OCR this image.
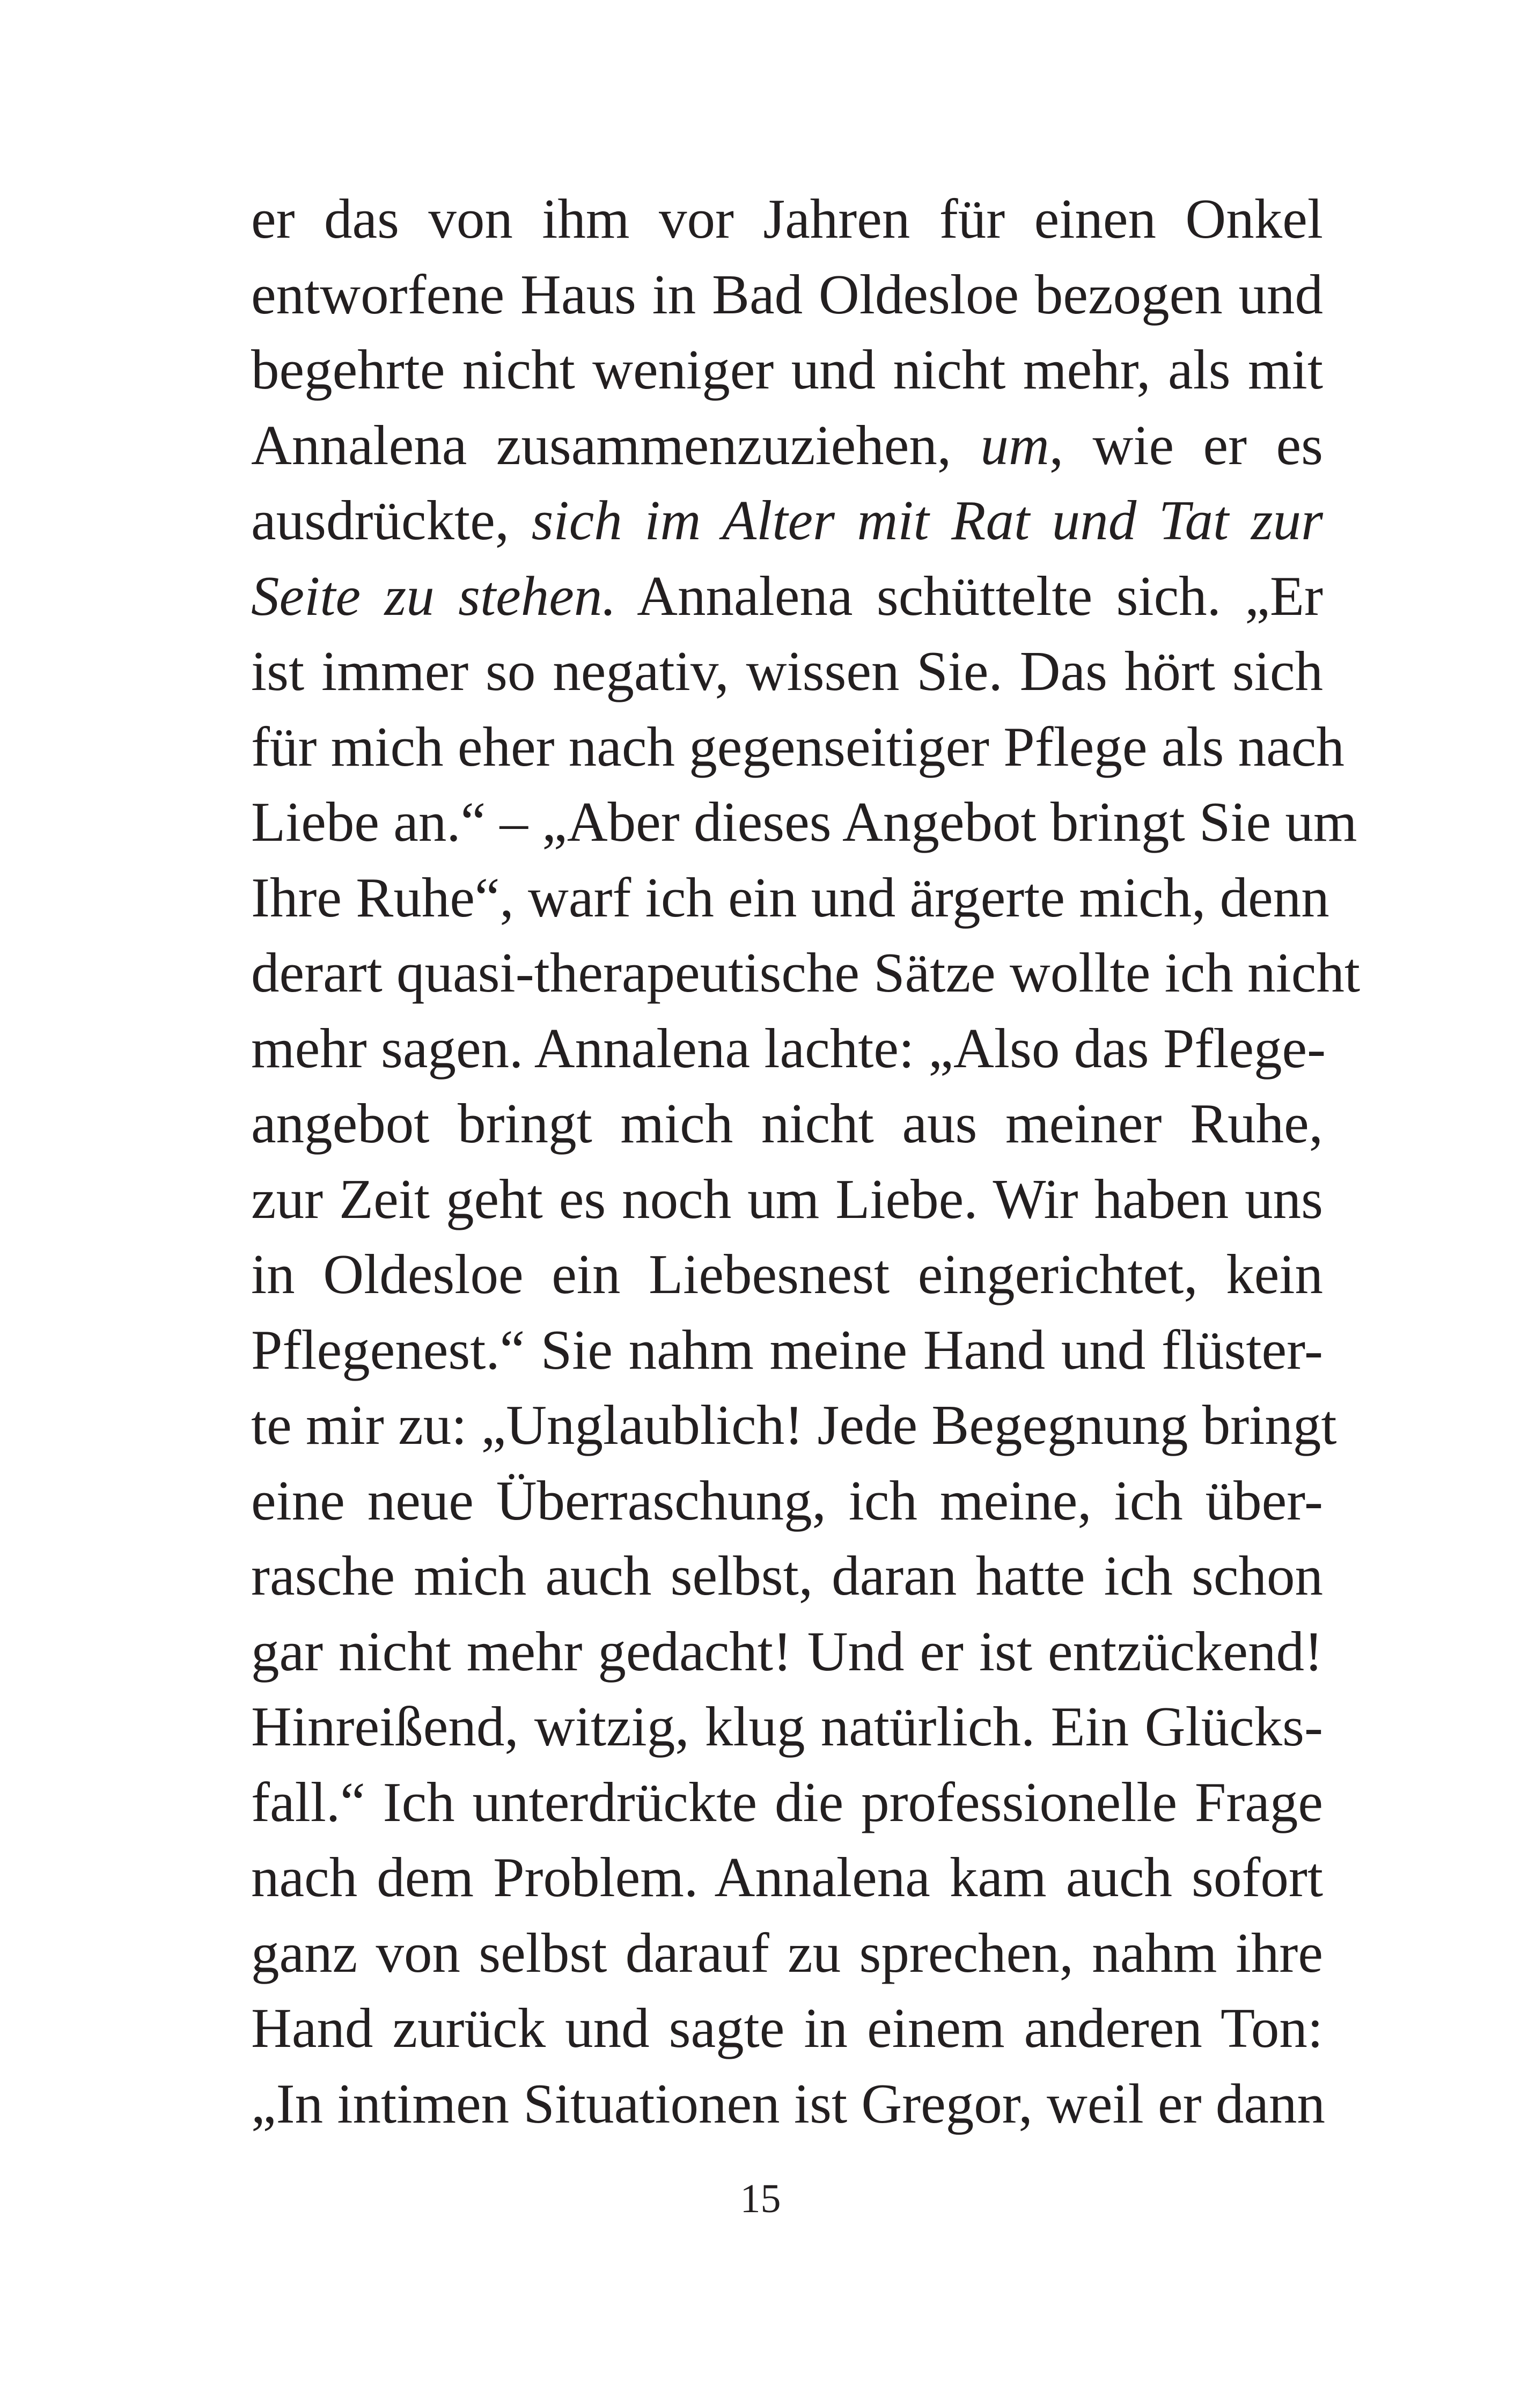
er das von ihm vor Jahren für einen Onkel
entworfene Haus in Bad Oldesloe bezogen und
begehrte nicht weniger und nicht mehr, als mit
Annalena zusammenzuziehen, um, wie er es
ausdrückte, sich im Alter mit Rat und Tat zur
Seite zu stehen. Annalena schüttelte sich. „Er
ist immer so negativ, wissen Sie. Das hört sich
für mich eher nach gegenseitiger Pflege als nach
Liebe an.“ – „Aber dieses Angebot bringt Sie um
Ihre Ruhe“, warf ich ein und ärgerte mich, denn
derart quasi-therapeutische Sätze wollte ich nicht
mehr sagen. Annalena lachte: „Also das Pflege-
angebot bringt mich nicht aus meiner Ruhe,
zur Zeit geht es noch um Liebe. Wir haben uns
in Oldesloe ein Liebesnest eingerichtet, kein
Pflegenest.“ Sie nahm meine Hand und flüster-
te mir zu: „Unglaublich! Jede Begegnung bringt
eine neue Überraschung, ich meine, ich über-
rasche mich auch selbst, daran hatte ich schon
gar nicht mehr gedacht! Und er ist entzückend!
Hinreißend, witzig, klug natürlich. Ein Glücks-
fall.“ Ich unterdrückte die professionelle Frage
nach dem Problem. Annalena kam auch sofort
ganz von selbst darauf zu sprechen, nahm ihre
Hand zurück und sagte in einem anderen Ton:
„In intimen Situationen ist Gregor, weil er dann
15
